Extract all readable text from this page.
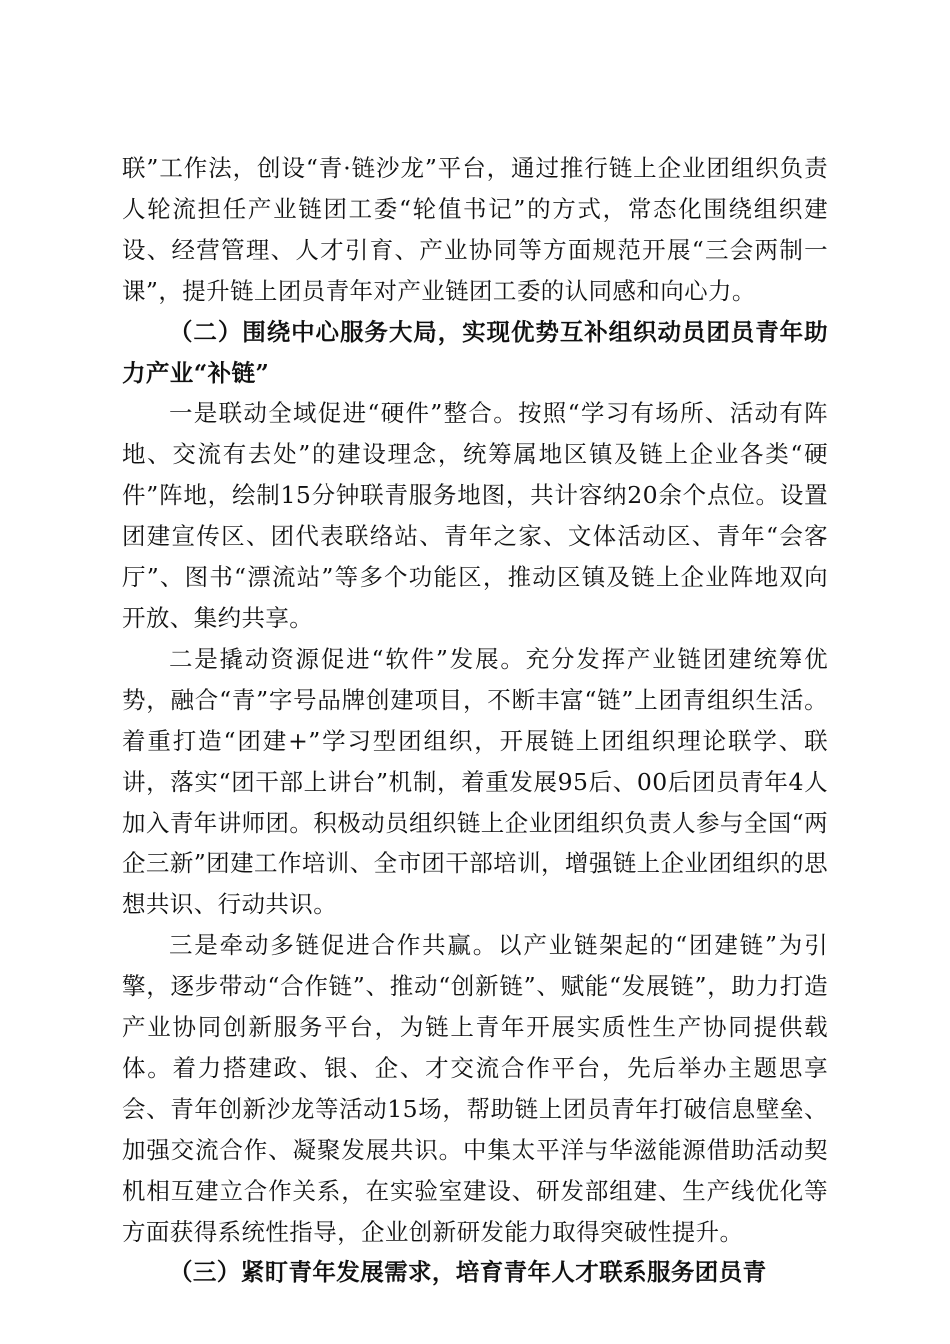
联”工作法，创设“青·链沙龙”平台，通过推行链上企业团组织负责人轮流担任产业链团工委“轮值书记”的方式，常态化围绕组织建设、经营管理、人才引育、产业协同等方面规范开展“三会两制一课”，提升链上团员青年对产业链团工委的认同感和向心力。

（二）围绕中心服务大局，实现优势互补组织动员团员青年助力产业“补链”

一是联动全域促进“硬件”整合。按照“学习有场所、活动有阵地、交流有去处”的建设理念，统筹属地区镇及链上企业各类“硬件”阵地，绘制15分钟联青服务地图，共计容纳20余个点位。设置团建宣传区、团代表联络站、青年之家、文体活动区、青年“会客厅”、图书“漂流站”等多个功能区，推动区镇及链上企业阵地双向开放、集约共享。

二是撬动资源促进“软件”发展。充分发挥产业链团建统筹优势，融合“青”字号品牌创建项目，不断丰富“链”上团青组织生活。着重打造“团建+”学习型团组织，开展链上团组织理论联学、联讲，落实“团干部上讲台”机制，着重发展95后、00后团员青年4人加入青年讲师团。积极动员组织链上企业团组织负责人参与全国“两企三新”团建工作培训、全市团干部培训，增强链上企业团组织的思想共识、行动共识。

三是牵动多链促进合作共赢。以产业链架起的“团建链”为引擎，逐步带动“合作链”、推动“创新链”、赋能“发展链”，助力打造产业协同创新服务平台，为链上青年开展实质性生产协同提供载体。着力搭建政、银、企、才交流合作平台，先后举办主题思享会、青年创新沙龙等活动15场，帮助链上团员青年打破信息壁垒、加强交流合作、凝聚发展共识。中集太平洋与华滋能源借助活动契机相互建立合作关系，在实验室建设、研发部组建、生产线优化等方面获得系统性指导，企业创新研发能力取得突破性提升。

（三）紧盯青年发展需求，培育青年人才联系服务团员青
